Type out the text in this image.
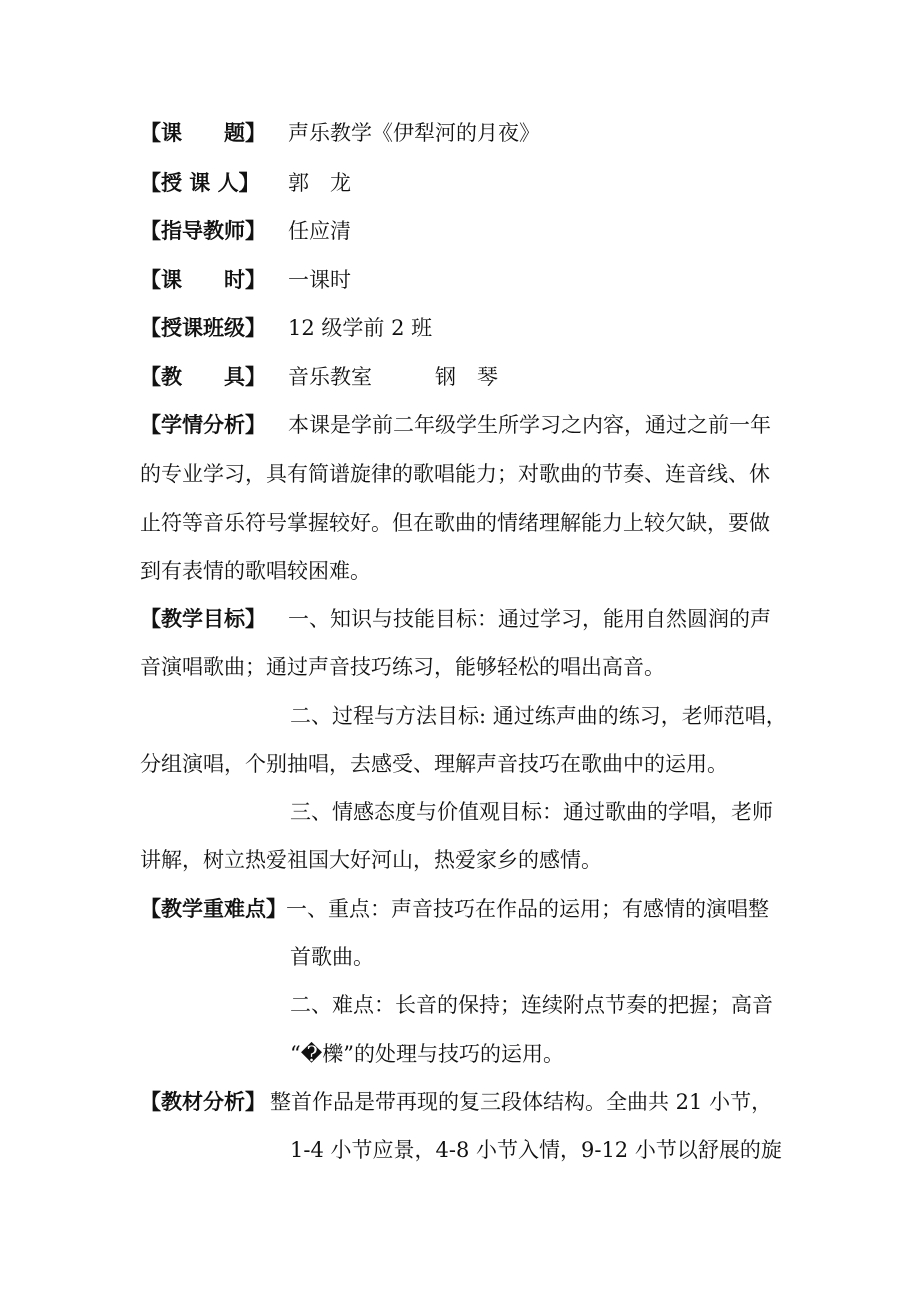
【课　　题】 声乐教学《伊犁河的月夜》
【授 课 人】 郭　龙
【指导教师】 任应清
【课　　时】 一课时
【授课班级】 12 级学前 2 班
【教　　具】 音乐教室　　　钢　琴
【学情分析】 本课是学前二年级学生所学习之内容，通过之前一年
的专业学习，具有简谱旋律的歌唱能力；对歌曲的节奏、连音线、休
止符等音乐符号掌握较好。但在歌曲的情绪理解能力上较欠缺，要做
到有表情的歌唱较困难。
【教学目标】 一、知识与技能目标：通过学习，能用自然圆润的声
音演唱歌曲；通过声音技巧练习，能够轻松的唱出高音。
二、过程与方法目标: 通过练声曲的练习，老师范唱，
分组演唱，个别抽唱，去感受、理解声音技巧在歌曲中的运用。
三、情感态度与价值观目标：通过歌曲的学唱，老师
讲解，树立热爱祖国大好河山，热爱家乡的感情。
【教学重难点】 一、重点：声音技巧在作品的运用；有感情的演唱整
首歌曲。
二、难点：长音的保持；连续附点节奏的把握；高音
“�櫟”的处理与技巧的运用。
【教材分析】 整首作品是带再现的复三段体结构。全曲共 21 小节，
1-4 小节应景，4-8 小节入情，9-12 小节以舒展的旋
